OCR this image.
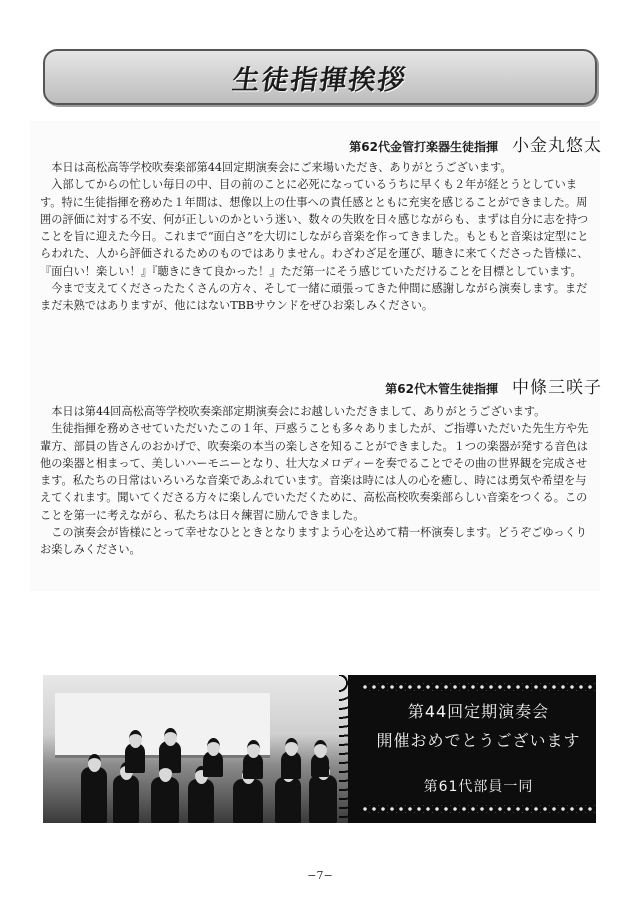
生徒指揮挨拶
第62代金管打楽器生徒指揮 小金丸悠太

本日は高松高等学校吹奏楽部第44回定期演奏会にご来場いただき、ありがとうございます。

入部してからの忙しい毎日の中、目の前のことに必死になっているうちに早くも２年が経とうとしています。特に生徒指揮を務めた１年間は、想像以上の仕事への責任感とともに充実を感じることができました。周囲の評価に対する不安、何が正しいのかという迷い、数々の失敗を日々感じながらも、まずは自分に志を持つことを旨に迎えた今日。これまで“面白さ”を大切にしながら音楽を作ってきました。もともと音楽は定型にとらわれた、人から評価されるためのものではありません。わざわざ足を運び、聴きに来てくださった皆様に、『面白い！楽しい！』『聴きにきて良かった！』ただ第一にそう感じていただけることを目標としています。

今まで支えてくださったたくさんの方々、そして一緒に頑張ってきた仲間に感謝しながら演奏します。まだまだ未熟ではありますが、他にはないTBBサウンドをぜひお楽しみください。

第62代木管生徒指揮 中條三咲子

本日は第44回高松高等学校吹奏楽部定期演奏会にお越しいただきまして、ありがとうございます。

生徒指揮を務めさせていただいたこの１年、戸惑うことも多々ありましたが、ご指導いただいた先生方や先輩方、部員の皆さんのおかげで、吹奏楽の本当の楽しさを知ることができました。１つの楽器が発する音色は他の楽器と相まって、美しいハーモニーとなり、壮大なメロディーを奏でることでその曲の世界観を完成させます。私たちの日常はいろいろな音楽であふれています。音楽は時には人の心を癒し、時には勇気や希望を与えてくれます。聞いてくださる方々に楽しんでいただくために、高松高校吹奏楽部らしい音楽をつくる。このことを第一に考えながら、私たちは日々練習に励んできました。

この演奏会が皆様にとって幸せなひとときとなりますよう心を込めて精一杯演奏します。どうぞごゆっくりお楽しみください。

第44回定期演奏会
開催おめでとうございます
第61代部員一同
−7−
